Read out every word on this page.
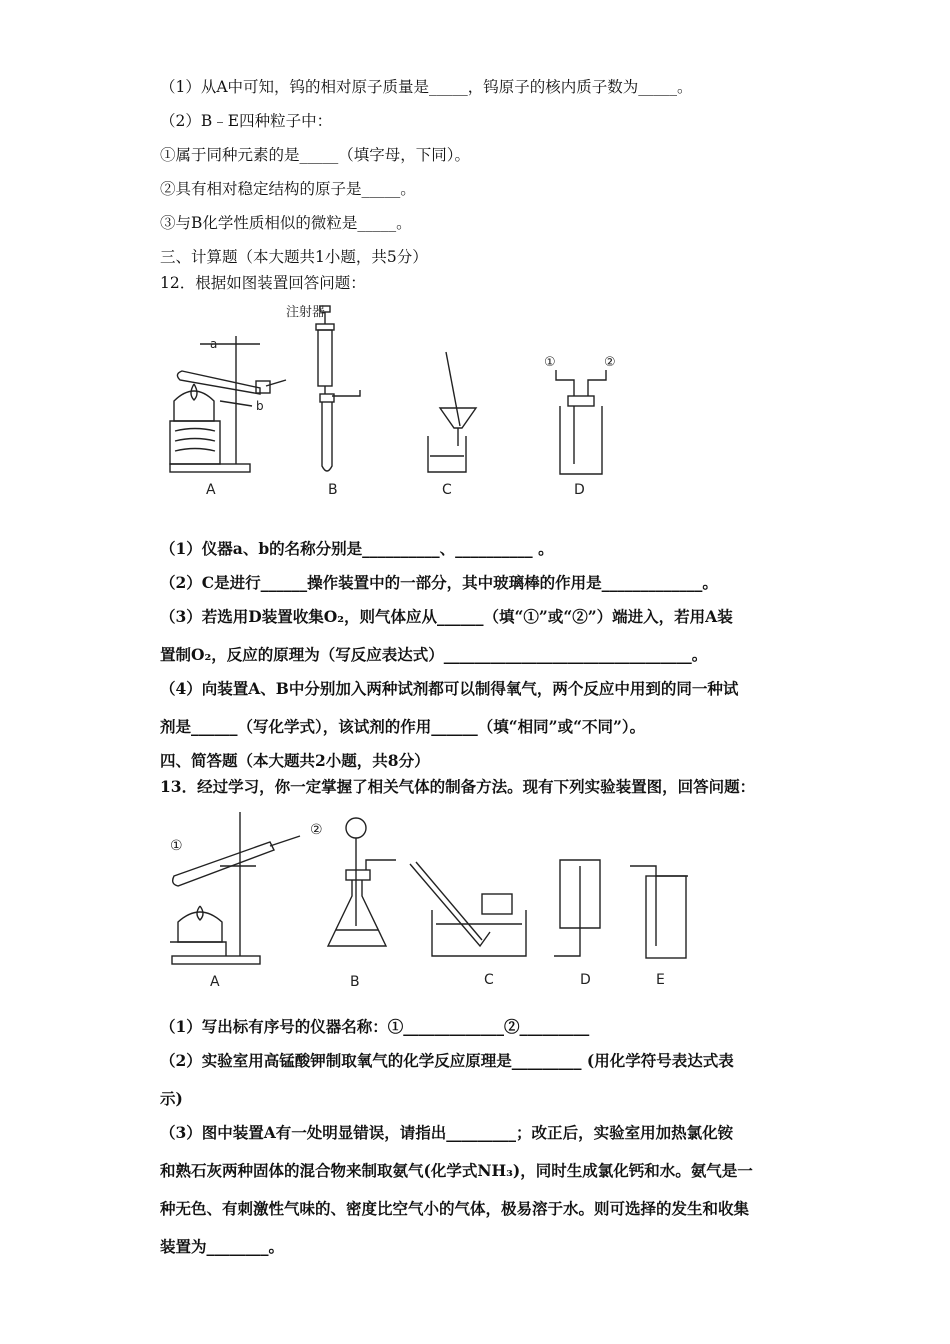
（1）从A中可知，钨的相对原子质量是_____，钨原子的核内质子数为_____。
（2）B﹣E四种粒子中：
①属于同种元素的是_____（填字母，下同）。
②具有相对稳定结构的原子是_____。
③与B化学性质相似的微粒是_____。
三、计算题（本大题共1小题，共5分）
12．根据如图装置回答问题：
a
b
A
注射器
B	C
①	②
D
（1）仪器a、b的名称分别是__________、__________ 。
（2）C是进行______操作装置中的一部分，其中玻璃棒的作用是_____________。
（3）若选用D装置收集O₂，则气体应从______（填“①”或“②”）端进入，若用A装
置制O₂，反应的原理为（写反应表达式）________________________________。
（4）向装置A、B中分别加入两种试剂都可以制得氧气，两个反应中用到的同一种试
剂是______（写化学式），该试剂的作用______（填“相同”或“不同”）。
四、简答题（本大题共2小题，共8分）
13．经过学习，你一定掌握了相关气体的制备方法。现有下列实验装置图，回答问题：
①
A
②
B	C	D	E
（1）写出标有序号的仪器名称：①_____________②_________
（2）实验室用高锰酸钾制取氧气的化学反应原理是_________ (用化学符号表达式表
示)
（3）图中装置A有一处明显错误，请指出_________；改正后，实验室用加热氯化铵
和熟石灰两种固体的混合物来制取氨气(化学式NH₃)，同时生成氯化钙和水。氨气是一
种无色、有刺激性气味的、密度比空气小的气体，极易溶于水。则可选择的发生和收集
装置为________。
